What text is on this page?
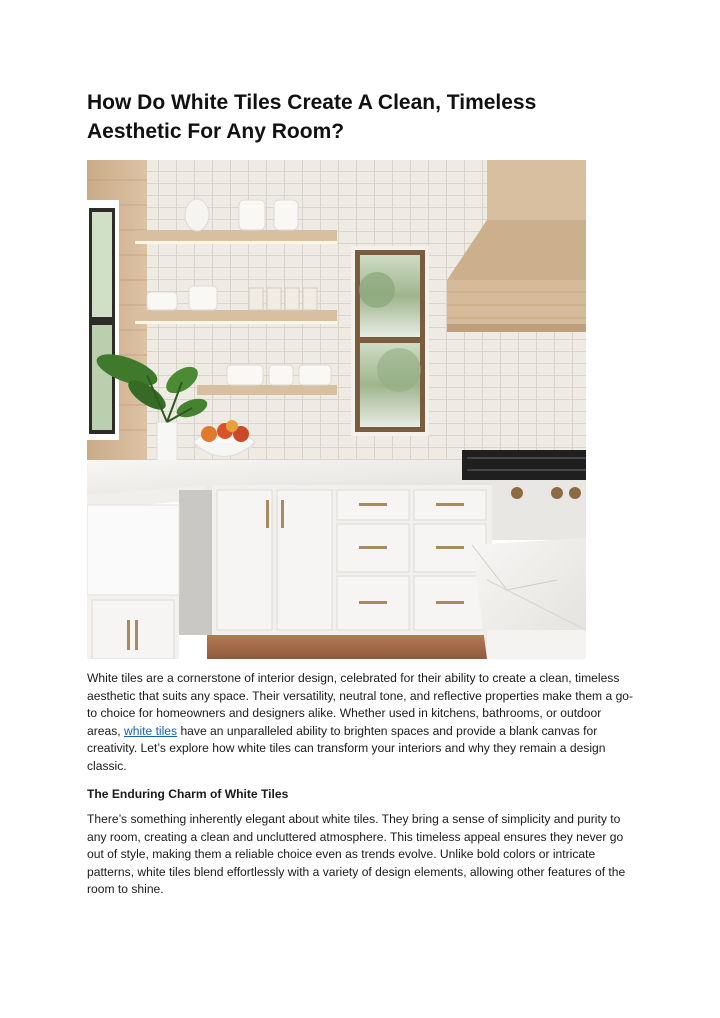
How Do White Tiles Create A Clean, Timeless Aesthetic For Any Room?

White tiles are a cornerstone of interior design, celebrated for their ability to create a clean, timeless aesthetic that suits any space. Their versatility, neutral tone, and reflective properties make them a go-to choice for homeowners and designers alike. Whether used in kitchens, bathrooms, or outdoor areas, white tiles have an unparalleled ability to brighten spaces and provide a blank canvas for creativity. Let’s explore how white tiles can transform your interiors and why they remain a design classic.

The Enduring Charm of White Tiles

There’s something inherently elegant about white tiles. They bring a sense of simplicity and purity to any room, creating a clean and uncluttered atmosphere. This timeless appeal ensures they never go out of style, making them a reliable choice even as trends evolve. Unlike bold colors or intricate patterns, white tiles blend effortlessly with a variety of design elements, allowing other features of the room to shine.
